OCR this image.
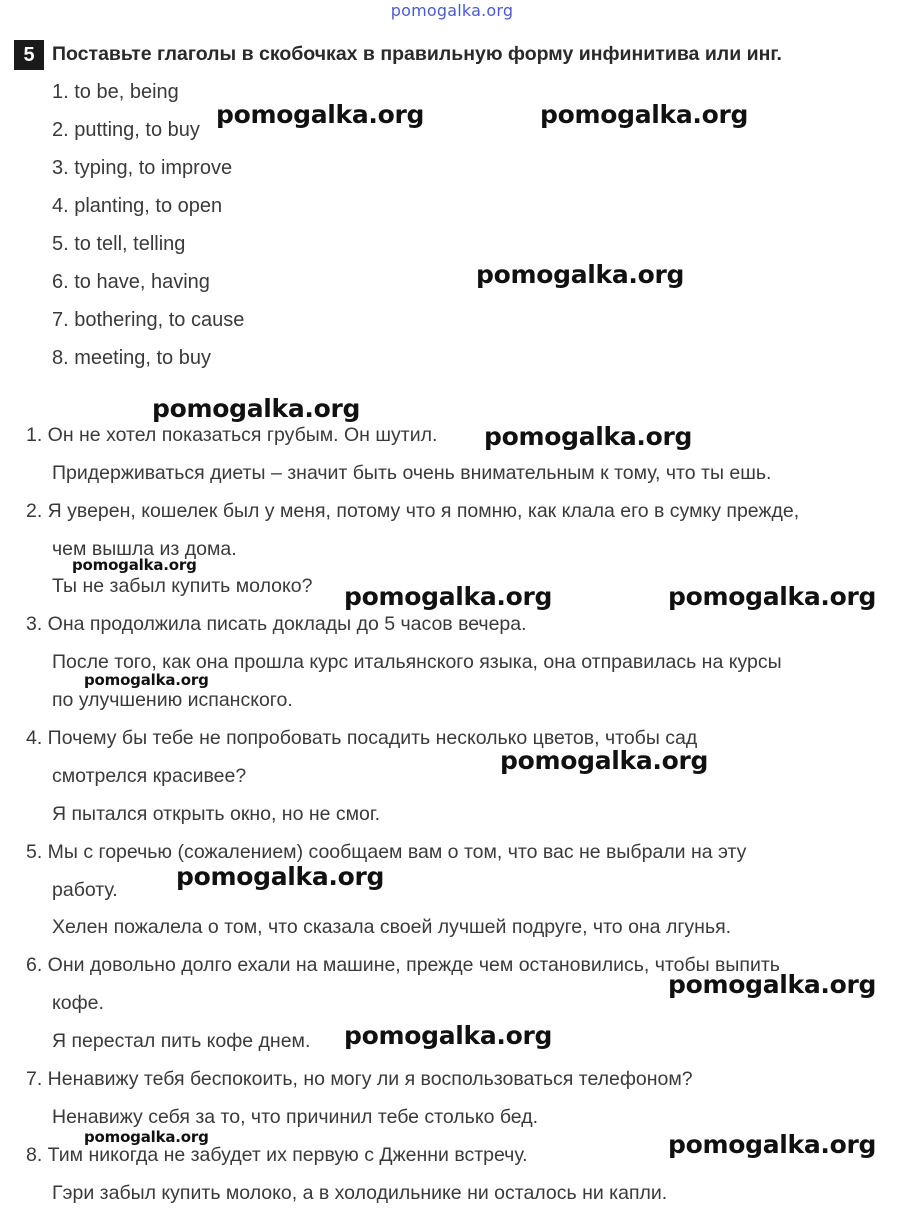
pomogalka.org
5 Поставьте глаголы в скобочках в правильную форму инфинитива или инг.
1. to be, being
2. putting, to buy
3. typing, to improve
4. planting, to open
5. to tell, telling
6. to have, having
7. bothering, to cause
8. meeting, to buy
1. Он не хотел показаться грубым. Он шутил.
Придерживаться диеты – значит быть очень внимательным к тому, что ты ешь.
2. Я уверен, кошелек был у меня, потому что я помню, как клала его в сумку прежде,
чем вышла из дома.
Ты не забыл купить молоко?
3. Она продолжила писать доклады до 5 часов вечера.
После того, как она прошла курс итальянского языка, она отправилась на курсы
по улучшению испанского.
4. Почему бы тебе не попробовать посадить несколько цветов, чтобы сад
смотрелся красивее?
Я пытался открыть окно, но не смог.
5. Мы с горечью (сожалением) сообщаем вам о том, что вас не выбрали на эту
работу.
Хелен пожалела о том, что сказала своей лучшей подруге, что она лгунья.
6. Они довольно долго ехали на машине, прежде чем остановились, чтобы выпить
кофе.
Я перестал пить кофе днем.
7. Ненавижу тебя беспокоить, но могу ли я воспользоваться телефоном?
Ненавижу себя за то, что причинил тебе столько бед.
8. Тим никогда не забудет их первую с Дженни встречу.
Гэри забыл купить молоко, а в холодильнике ни осталось ни капли.
pomogalka.org	pomogalka.org
pomogalka.org
pomogalka.org
pomogalka.org
pomogalka.org
pomogalka.org	pomogalka.org
pomogalka.org
pomogalka.org
pomogalka.org
pomogalka.org
pomogalka.org
pomogalka.org	pomogalka.org
